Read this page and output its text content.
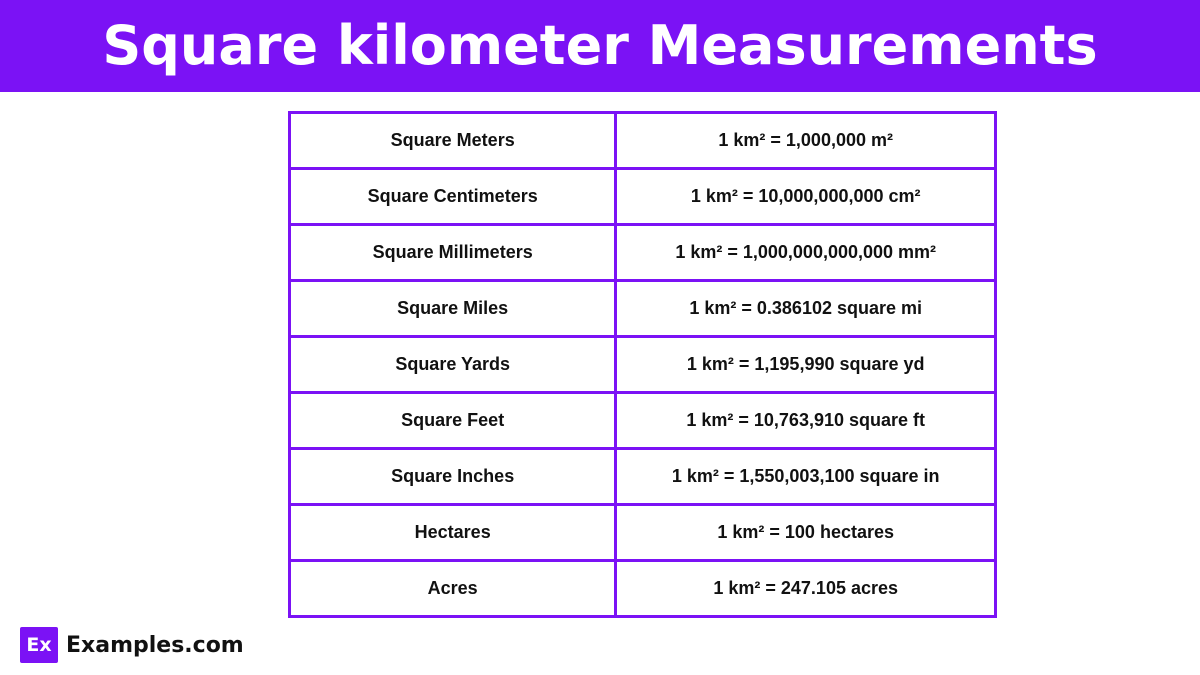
Square kilometer Measurements
Square Meters	1 km² = 1,000,000 m²
Square Centimeters	1 km² = 10,000,000,000 cm²
Square Millimeters	1 km² = 1,000,000,000,000 mm²
Square Miles	1 km² = 0.386102 square mi
Square Yards	1 km² = 1,195,990 square yd
Square Feet	1 km² = 10,763,910 square ft
Square Inches	1 km² = 1,550,003,100 square in
Hectares	1 km² = 100 hectares
Acres	1 km² = 247.105 acres
Ex Examples.com
